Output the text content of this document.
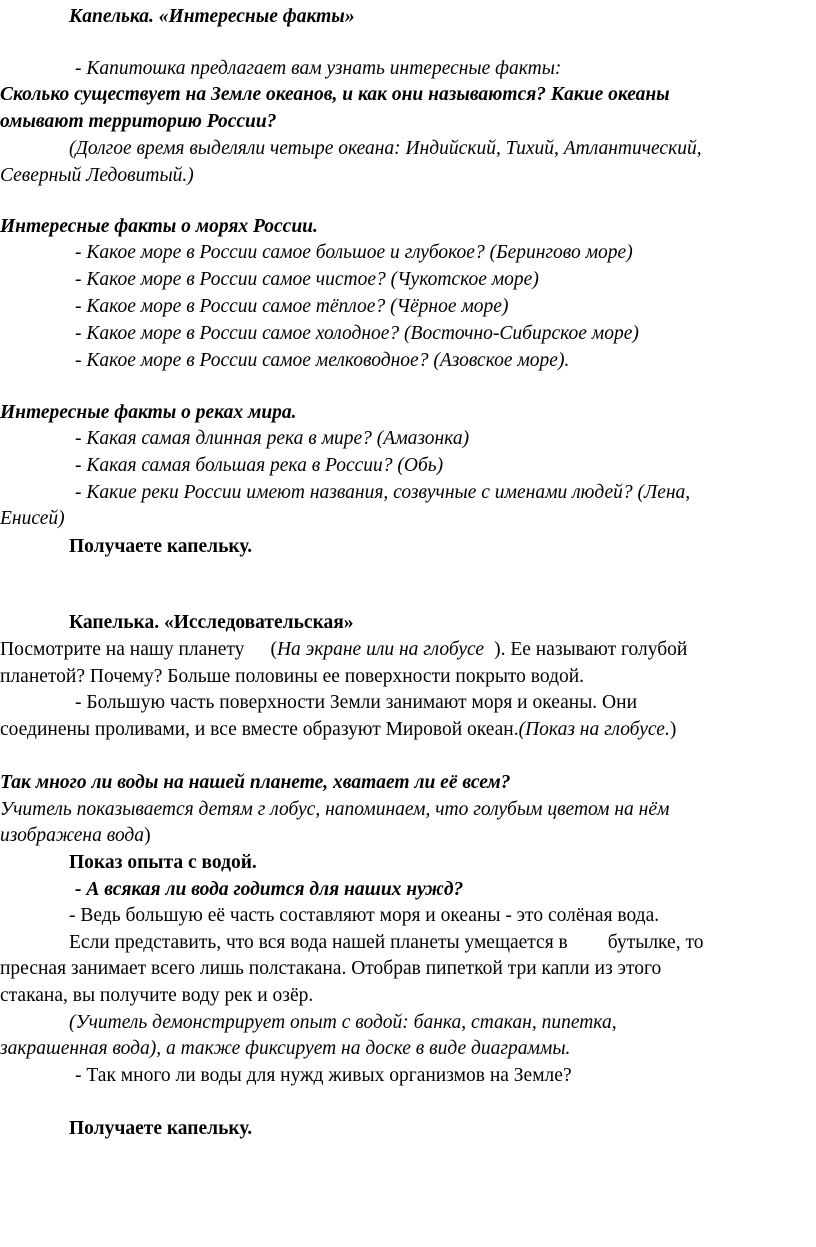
Капелька. «Интересные факты»
- Капитошка предлагает вам узнать интересные факты:
Сколько существует на Земле океанов, и как они называются? Какие океаны
омывают территорию России?
(Долгое время выделяли четыре океана: Индийский, Тихий, Атлантический,
Северный Ледовитый.)
Интересные факты о морях России.
- Какое море в России самое большое и глубокое? (Берингово море)
- Какое море в России самое чистое? (Чукотское море)
- Какое море в России самое тёплое? (Чёрное море)
- Какое море в России самое холодное? (Восточно-Сибирское море)
- Какое море в России самое мелководное? (Азовское море).
Интересные факты о реках мира.
- Какая самая длинная река в мире? (Амазонка)
- Какая самая большая река в России? (Обь)
- Какие реки России имеют названия, созвучные с именами людей? (Лена,
Енисей)
Получаете капельку.
Капелька. «Исследовательская»
Посмотрите на нашу планету (На экране или на глобусе ). Ее называют голубой
планетой? Почему? Больше половины ее поверхности покрыто водой.
- Большую часть поверхности Земли занимают моря и океаны. Они
соединены проливами, и все вместе образуют Мировой океан.(Показ на глобусе.)
Так много ли воды на нашей планете, хватает ли её всем?
Учитель показывается детям г лобус, напоминаем, что голубым цветом на нём
изображена вода)
Показ опыта с водой.
- А всякая ли вода годится для наших нужд?
- Ведь большую её часть составляют моря и океаны - это солёная вода.
Если представить, что вся вода нашей планеты умещается в бутылке, то
пресная занимает всего лишь полстакана. Отобрав пипеткой три капли из этого
стакана, вы получите воду рек и озёр.
(Учитель демонстрирует опыт с водой: банка, стакан, пипетка,
закрашенная вода), а также фиксирует на доске в виде диаграммы.
- Так много ли воды для нужд живых организмов на Земле?
Получаете капельку.
